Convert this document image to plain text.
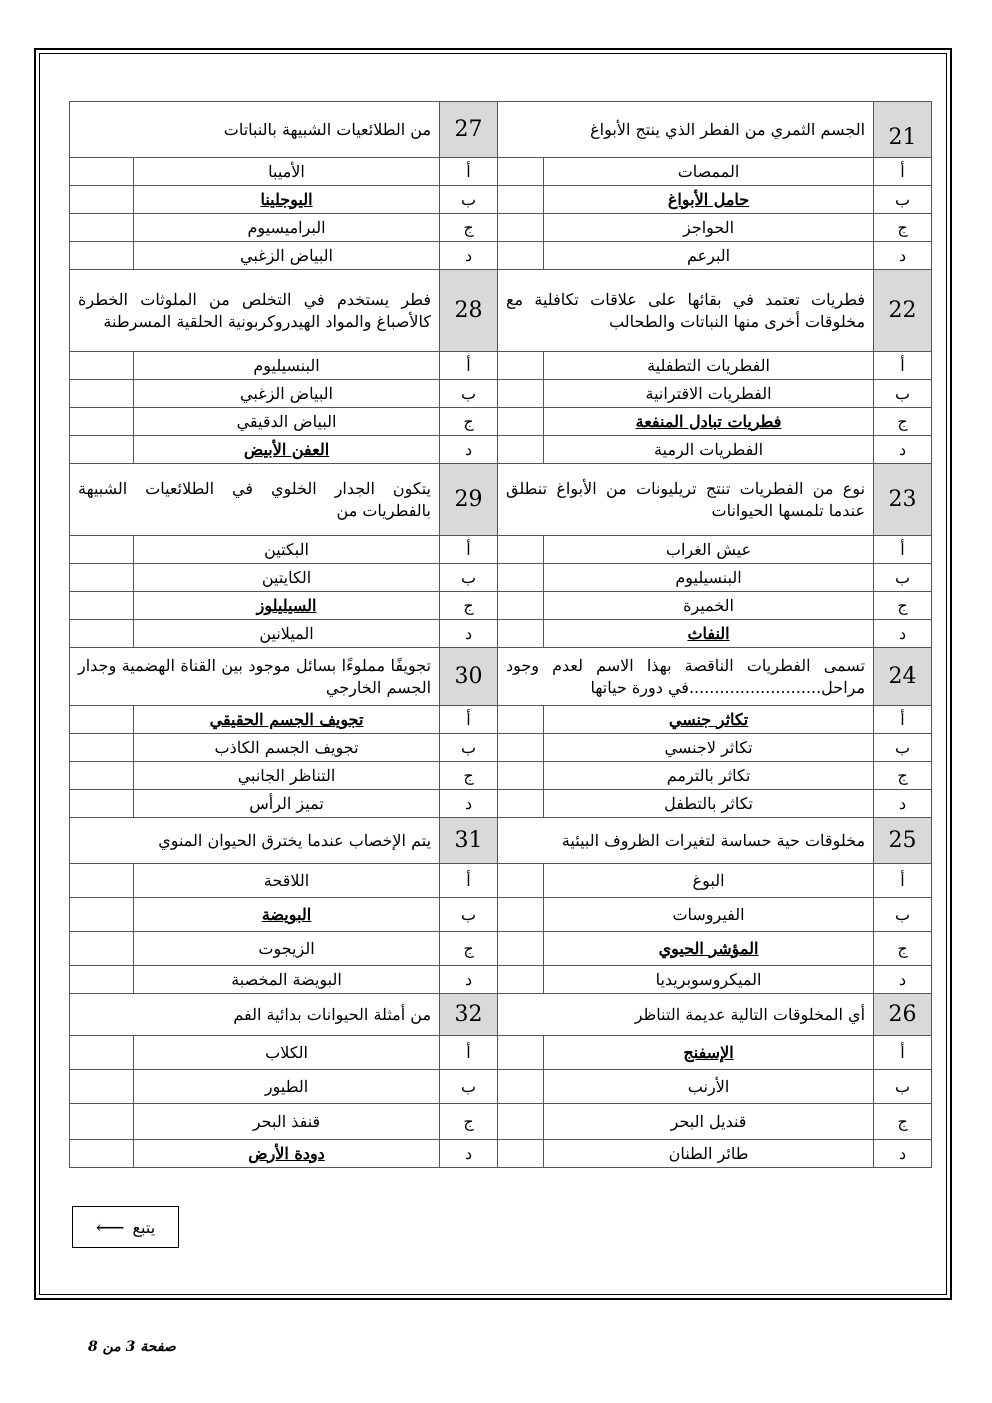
21	الجسم الثمري من الفطر الذي ينتج الأبواغ		27	من الطلائعيات الشبيهة بالنباتات	
أ	الممصات		أ	الأميبا	
ب	حامل الأبواغ		ب	اليوجلينا	
ج	الحواجز		ج	البراميسيوم	
د	البرعم		د	البياض الزغبي	
22	فطريات تعتمد في بقائها على علاقات تكافلية مع مخلوقات أخرى منها النباتات والطحالب		28	فطر يستخدم في التخلص من الملوثات الخطرة كالأصباغ والمواد الهيدروكربونية الحلقية المسرطنة	
أ	الفطريات التطفلية		أ	البنسيليوم	
ب	الفطريات الاقترانية		ب	البياض الزغبي	
ج	فطريات تبادل المنفعة		ج	البياض الدقيقي	
د	الفطريات الرمية		د	العفن الأبيض	
23	نوع من الفطريات تنتج تريليونات من الأبواغ تنطلق عندما تلمسها الحيوانات		29	يتكون الجدار الخلوي في الطلائعيات الشبيهة بالفطريات من	
أ	عيش الغراب		أ	البكتين	
ب	البنسيليوم		ب	الكايتين	
ج	الخميرة		ج	السيليلوز	
د	النفاث		د	الميلانين	
24	تسمى الفطريات الناقصة بهذا الاسم لعدم وجود مراحل..........................في دورة حياتها		30	تجويفًا مملوءًا بسائل موجود بين القناة الهضمية وجدار الجسم الخارجي	
أ	تكاثر جنسي		أ	تجويف الجسم الحقيقي	
ب	تكاثر لاجنسي		ب	تجويف الجسم الكاذب	
ج	تكاثر بالترمم		ج	التناظر الجانبي	
د	تكاثر بالتطفل		د	تميز الرأس	
25	مخلوقات حية حساسة لتغيرات الظروف البيئية		31	يتم الإخصاب عندما يخترق الحيوان المنوي	
أ	البوغ		أ	اللاقحة	
ب	الفيروسات		ب	البويضة	
ج	المؤشر الحيوي		ج	الزيجوت	
د	الميكروسوبريديا		د	البويضة المخصبة	
26	أي المخلوقات التالية عديمة التناظر		32	من أمثلة الحيوانات بدائية الفم	
أ	الإسفنج		أ	الكلاب	
ب	الأرنب		ب	الطيور	
ج	قنديل البحر		ج	قنفذ البحر	
د	طائر الطنان		د	دودة الأرض	
يتبع
⟵
صفحة 3 من 8
